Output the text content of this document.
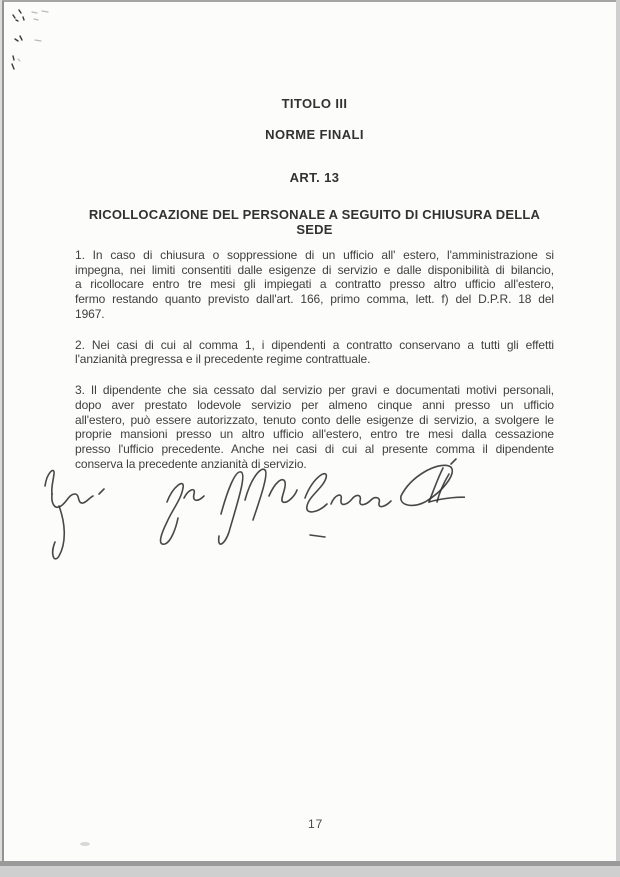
TITOLO III
NORME FINALI
ART. 13
RICOLLOCAZIONE DEL PERSONALE A SEGUITO DI CHIUSURA DELLA SEDE
1. In caso di chiusura o soppressione di un ufficio all' estero, l'amministrazione si
impegna, nei limiti consentiti dalle esigenze di servizio e dalle disponibilità di bilancio,
a ricollocare entro tre mesi gli impiegati a contratto presso altro ufficio all'estero,
fermo restando quanto previsto dall'art. 166, primo comma, lett. f) del D.P.R. 18 del
1967.
2. Nei casi di cui al comma 1, i dipendenti a contratto conservano a tutti gli effetti
l'anzianità pregressa e il precedente regime contrattuale.
3. Il dipendente che sia cessato dal servizio per gravi e documentati motivi personali,
dopo aver prestato lodevole servizio per almeno cinque anni presso un ufficio
all'estero, può essere autorizzato, tenuto conto delle esigenze di servizio, a svolgere le
proprie mansioni presso un altro ufficio all'estero, entro tre mesi dalla cessazione
presso l'ufficio precedente. Anche nei casi di cui al presente comma il dipendente
conserva la precedente anzianità di servizio.
17
